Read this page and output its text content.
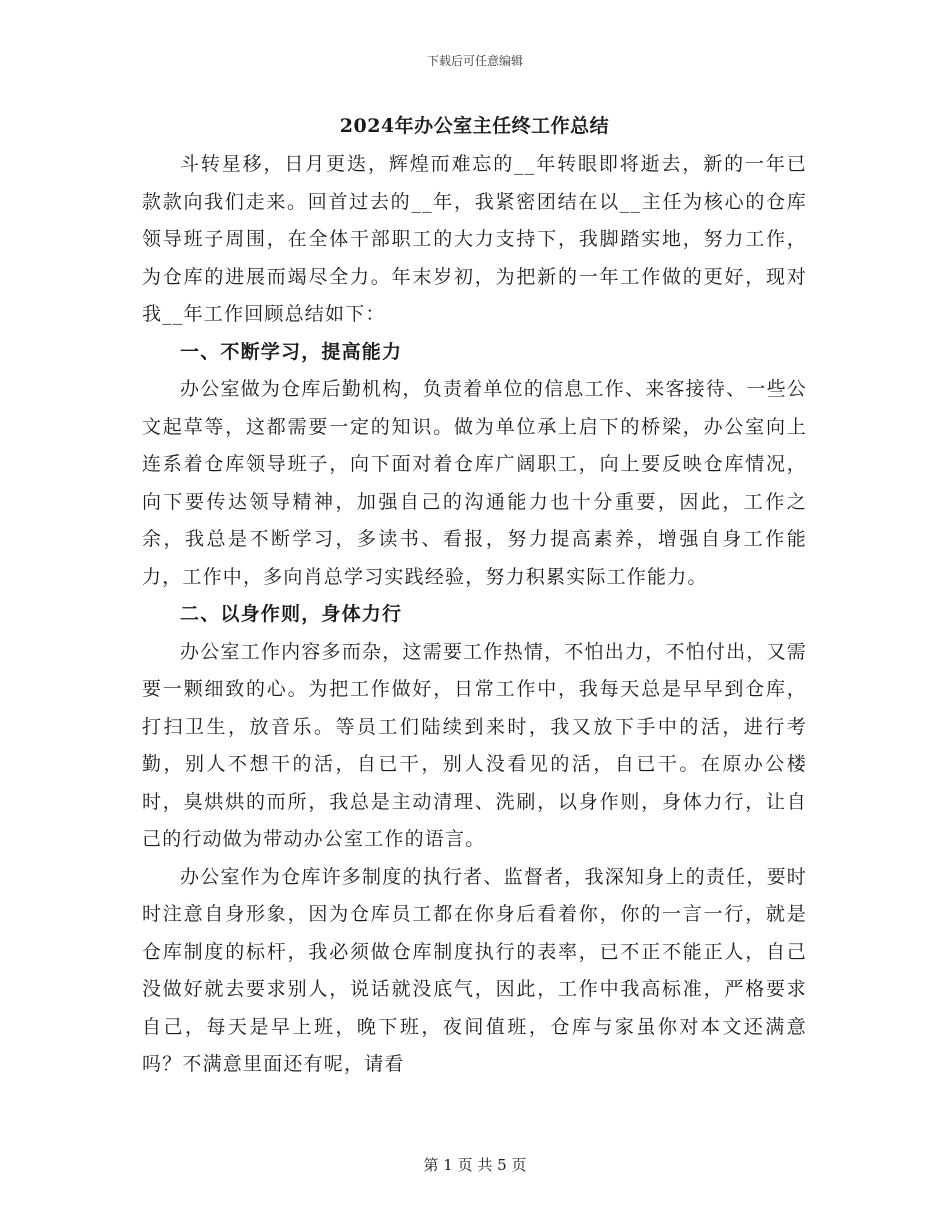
下载后可任意编辑
2024年办公室主任终工作总结

斗转星移，日月更迭，辉煌而难忘的__年转眼即将逝去，新的一年已款款向我们走来。回首过去的__年，我紧密团结在以__主任为核心的仓库领导班子周围，在全体干部职工的大力支持下，我脚踏实地，努力工作，为仓库的进展而竭尽全力。年末岁初，为把新的一年工作做的更好，现对我__年工作回顾总结如下：

一、不断学习，提高能力

办公室做为仓库后勤机构，负责着单位的信息工作、来客接待、一些公文起草等，这都需要一定的知识。做为单位承上启下的桥梁，办公室向上连系着仓库领导班子，向下面对着仓库广阔职工，向上要反映仓库情况，向下要传达领导精神，加强自己的沟通能力也十分重要，因此，工作之余，我总是不断学习，多读书、看报，努力提高素养，增强自身工作能力，工作中，多向肖总学习实践经验，努力积累实际工作能力。

二、以身作则，身体力行

办公室工作内容多而杂，这需要工作热情，不怕出力，不怕付出，又需要一颗细致的心。为把工作做好，日常工作中，我每天总是早早到仓库，打扫卫生，放音乐。等员工们陆续到来时，我又放下手中的活，进行考勤，别人不想干的活，自已干，别人没看见的活，自已干。在原办公楼时，臭烘烘的而所，我总是主动清理、洗刷，以身作则，身体力行，让自己的行动做为带动办公室工作的语言。

办公室作为仓库许多制度的执行者、监督者，我深知身上的责任，要时时注意自身形象，因为仓库员工都在你身后看着你，你的一言一行，就是仓库制度的标杆，我必须做仓库制度执行的表率，已不正不能正人，自己没做好就去要求别人，说话就没底气，因此，工作中我高标准，严格要求自己，每天是早上班，晚下班，夜间值班，仓库与家虽你对本文还满意吗？不满意里面还有呢，请看

第 1 页 共 5 页
